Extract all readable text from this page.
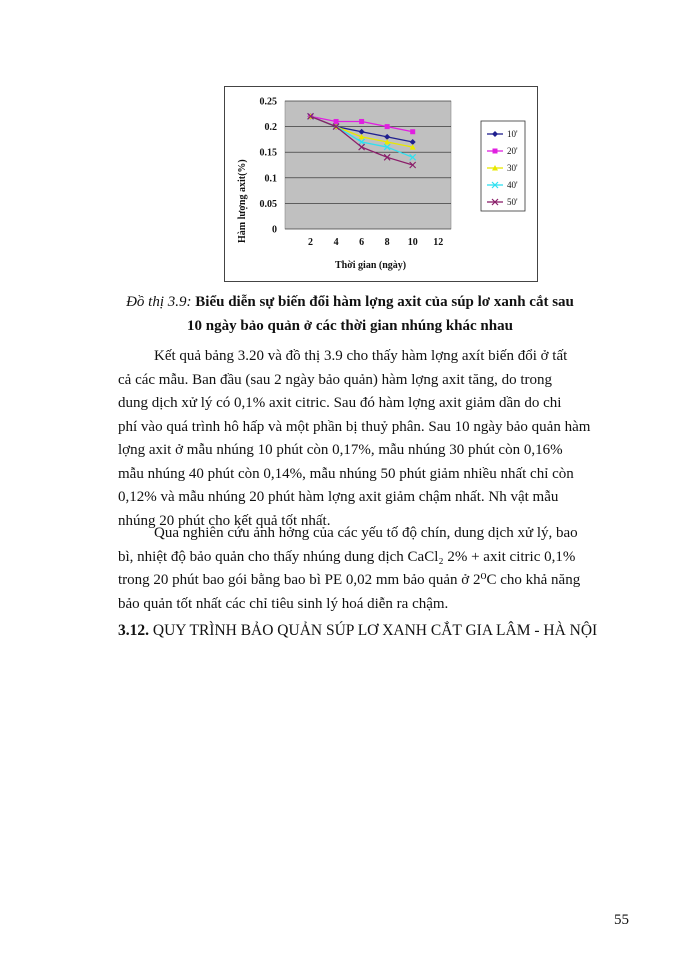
0
0.05
0.1
0.15
0.2
0.25
2 4 6 8 10 12
10'
20'
30'
40'
50'
Hàm lượng axit(%)
Thời gian (ngày)
Đồ thị 3.9: Biểu diễn sự biến đổi hàm lợng axit của súp lơ xanh cắt sau
10 ngày bảo quản ở các thời gian nhúng khác nhau

Kết quả bảng 3.20 và đồ thị 3.9 cho thấy hàm lợng axít biến đổi ở tất
cả các mẫu. Ban đầu (sau 2 ngày bảo quản) hàm lợng axit tăng, do trong
dung dịch xử lý có 0,1% axit citric. Sau đó hàm lợng axit giảm dần do chi
phí vào quá trình hô hấp và một phần bị thuỷ phân. Sau 10 ngày bảo quản hàm
lợng axit ở mẫu nhúng 10 phút còn 0,17%, mẫu nhúng 30 phút còn 0,16%
mẫu nhúng 40 phút còn 0,14%, mẫu nhúng 50 phút giảm nhiều nhất chỉ còn
0,12% và mẫu nhúng 20 phút hàm lợng axit giảm chậm nhất. Nh vật mẫu
nhúng 20 phút cho kết quả tốt nhất.

Qua nghiên cứu ảnh hởng của các yếu tố độ chín, dung dịch xử lý, bao
bì, nhiệt độ bảo quản cho thấy nhúng dung dịch CaCl₂ 2% + axit citric 0,1%
trong 20 phút bao gói bằng bao bì PE 0,02 mm bảo quản ở 2⁰C cho khả năng
bảo quản tốt nhất các chỉ tiêu sinh lý hoá diễn ra chậm.

3.12. QUY TRÌNH BẢO QUẢN SÚP LƠ XANH CẮT GIA LÂM - HÀ NỘI
55
